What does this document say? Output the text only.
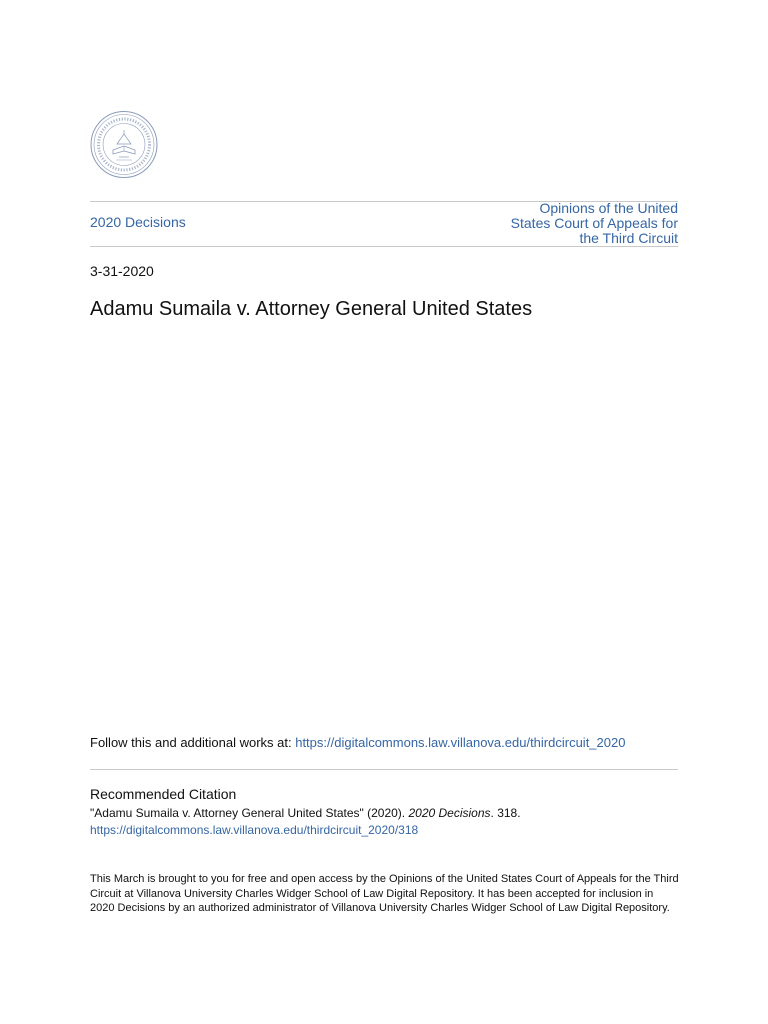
2020 Decisions
Opinions of the United States Court of Appeals for the Third Circuit
3-31-2020
Adamu Sumaila v. Attorney General United States
Follow this and additional works at: https://digitalcommons.law.villanova.edu/thirdcircuit_2020
Recommended Citation
"Adamu Sumaila v. Attorney General United States" (2020). 2020 Decisions. 318.
https://digitalcommons.law.villanova.edu/thirdcircuit_2020/318
This March is brought to you for free and open access by the Opinions of the United States Court of Appeals for the Third Circuit at Villanova University Charles Widger School of Law Digital Repository. It has been accepted for inclusion in 2020 Decisions by an authorized administrator of Villanova University Charles Widger School of Law Digital Repository.
